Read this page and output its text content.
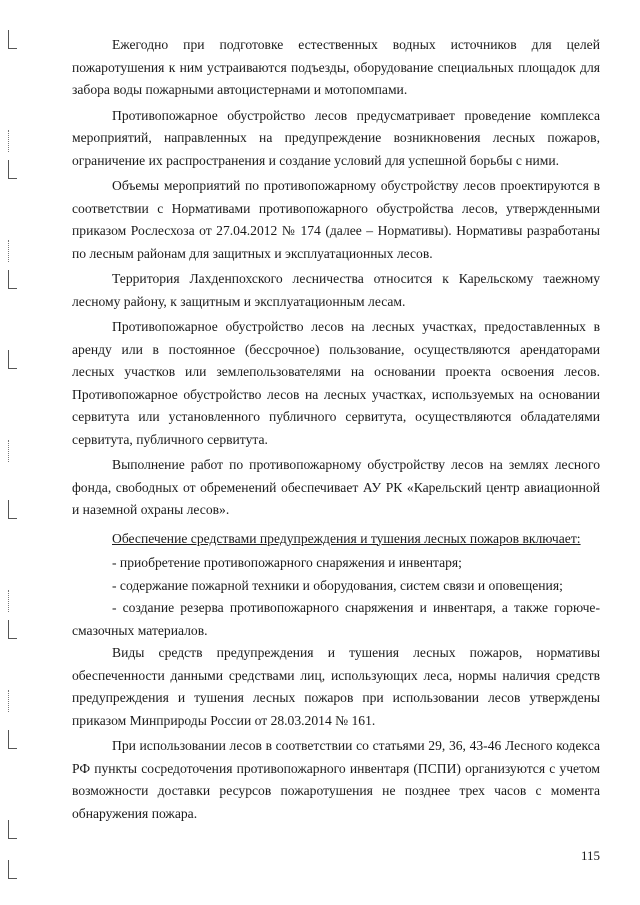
Ежегодно при подготовке естественных водных источников для целей пожаротушения к ним устраиваются подъезды, оборудование специальных площадок для забора воды пожарными автоцистернами и мотопомпами.

Противопожарное обустройство лесов предусматривает проведение комплекса мероприятий, направленных на предупреждение возникновения лесных пожаров, ограничение их распространения и создание условий для успешной борьбы с ними.

Объемы мероприятий по противопожарному обустройству лесов проектируются в соответствии с Нормативами противопожарного обустройства лесов, утвержденными приказом Рослесхоза от 27.04.2012 № 174 (далее – Нормативы). Нормативы разработаны по лесным районам для защитных и эксплуатационных лесов.

Территория Лахденпохского лесничества относится к Карельскому таежному лесному району, к защитным и эксплуатационным лесам.

Противопожарное обустройство лесов на лесных участках, предоставленных в аренду или в постоянное (бессрочное) пользование, осуществляются арендаторами лесных участков или землепользователями на основании проекта освоения лесов. Противопожарное обустройство лесов на лесных участках, используемых на основании сервитута или установленного публичного сервитута, осуществляются обладателями сервитута, публичного сервитута.

Выполнение работ по противопожарному обустройству лесов на землях лесного фонда, свободных от обременений обеспечивает АУ РК «Карельский центр авиационной и наземной охраны лесов».

Обеспечение средствами предупреждения и тушения лесных пожаров включает:

- приобретение противопожарного снаряжения и инвентаря;

- содержание пожарной техники и оборудования, систем связи и оповещения;

- создание резерва противопожарного снаряжения и инвентаря, а также горюче-смазочных материалов.

Виды средств предупреждения и тушения лесных пожаров, нормативы обеспеченности данными средствами лиц, использующих леса, нормы наличия средств предупреждения и тушения лесных пожаров при использовании лесов утверждены приказом Минприроды России от 28.03.2014 № 161.

При использовании лесов в соответствии со статьями 29, 36, 43-46 Лесного кодекса РФ пункты сосредоточения противопожарного инвентаря (ПСПИ) организуются с учетом возможности доставки ресурсов пожаротушения не позднее трех часов с момента обнаружения пожара.

115
